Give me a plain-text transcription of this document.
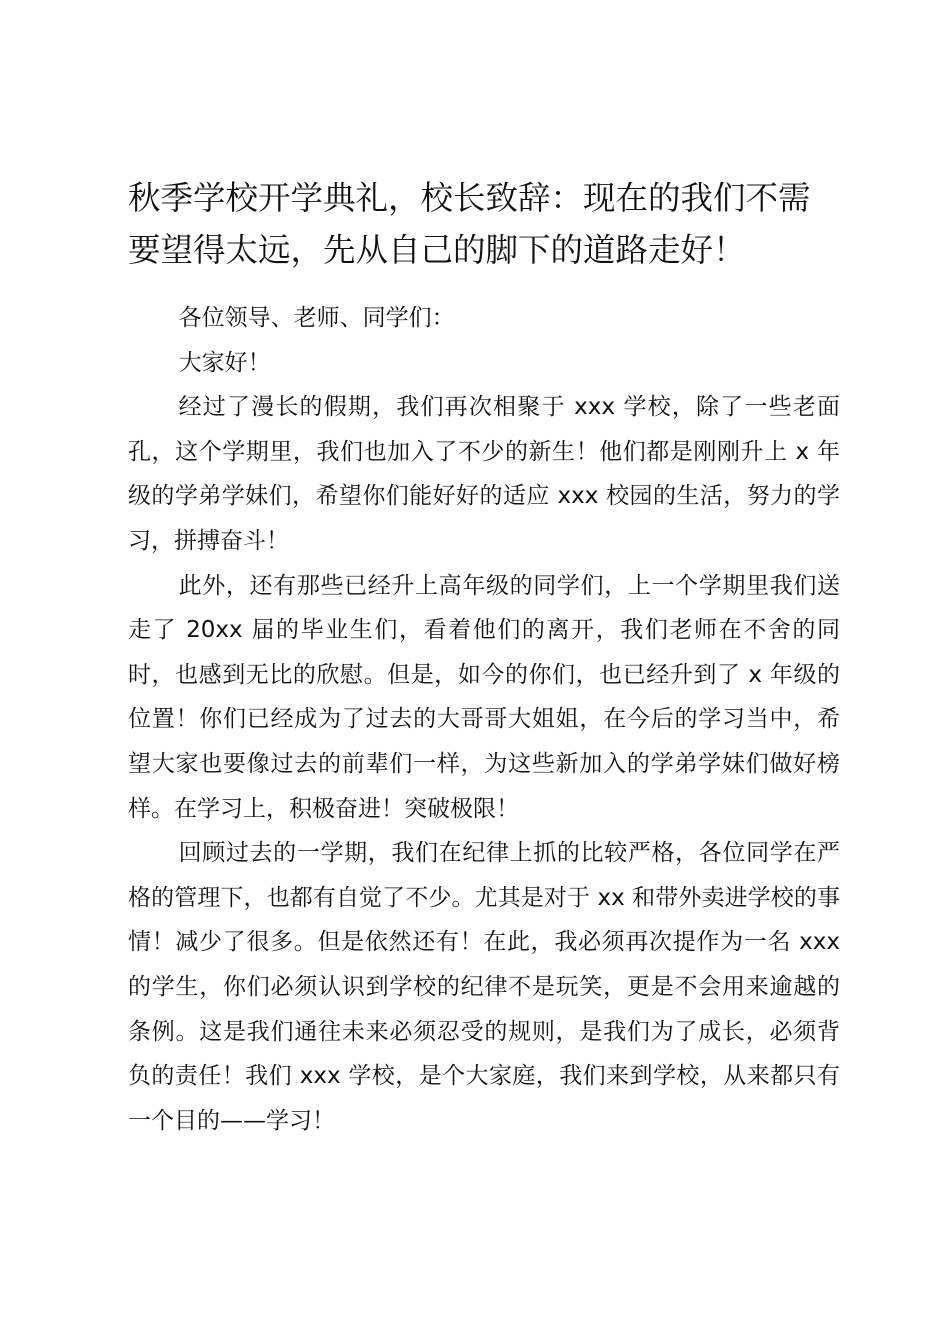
秋季学校开学典礼，校长致辞：现在的我们不需要望得太远，先从自己的脚下的道路走好！

各位领导、老师、同学们：

大家好！

经过了漫长的假期，我们再次相聚于 xxx 学校，除了一些老面孔，这个学期里，我们也加入了不少的新生！他们都是刚刚升上 x 年级的学弟学妹们，希望你们能好好的适应 xxx 校园的生活，努力的学习，拼搏奋斗！

此外，还有那些已经升上高年级的同学们，上一个学期里我们送走了 20xx 届的毕业生们，看着他们的离开，我们老师在不舍的同时，也感到无比的欣慰。但是，如今的你们，也已经升到了 x 年级的位置！你们已经成为了过去的大哥哥大姐姐，在今后的学习当中，希望大家也要像过去的前辈们一样，为这些新加入的学弟学妹们做好榜样。在学习上，积极奋进！突破极限！

回顾过去的一学期，我们在纪律上抓的比较严格，各位同学在严格的管理下，也都有自觉了不少。尤其是对于 xx 和带外卖进学校的事情！减少了很多。但是依然还有！在此，我必须再次提作为一名 xxx 的学生，你们必须认识到学校的纪律不是玩笑，更是不会用来逾越的条例。这是我们通往未来必须忍受的规则，是我们为了成长，必须背负的责任！我们 xxx 学校，是个大家庭，我们来到学校，从来都只有一个目的——学习！
